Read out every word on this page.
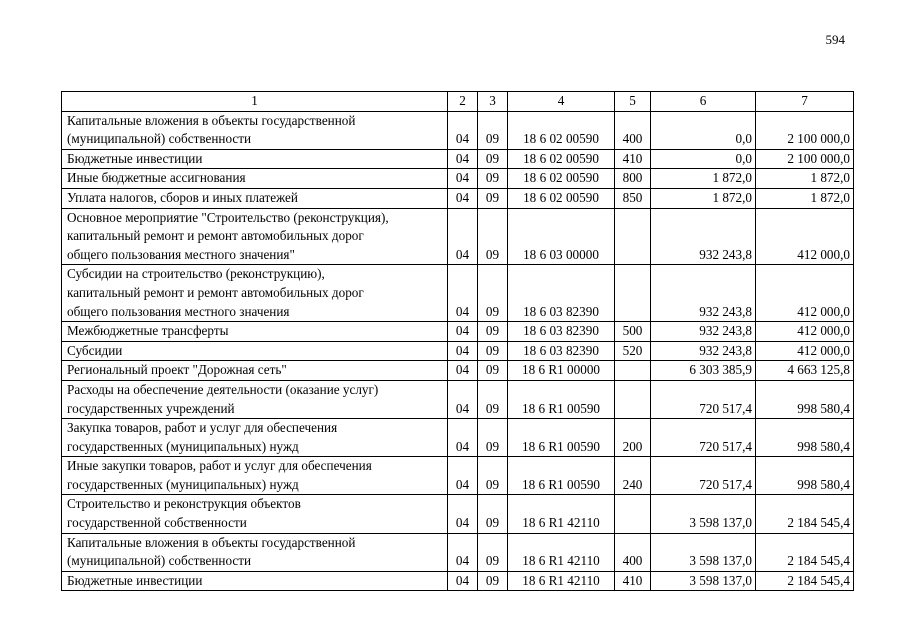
594
1	2	3	4	5	6	7

Капитальные вложения в объекты государственной
(муниципальной) собственности	04	09	18 6 02 00590	400	0,0	2 100 000,0

Бюджетные инвестиции	04	09	18 6 02 00590	410	0,0	2 100 000,0

Иные бюджетные ассигнования	04	09	18 6 02 00590	800	1 872,0	1 872,0

Уплата налогов, сборов и иных платежей	04	09	18 6 02 00590	850	1 872,0	1 872,0

Основное мероприятие "Строительство (реконструкция),
капитальный ремонт и ремонт автомобильных дорог
общего пользования местного значения"	04	09	18 6 03 00000		932 243,8	412 000,0

Субсидии на строительство (реконструкцию),
капитальный ремонт и ремонт автомобильных дорог
общего пользования местного значения	04	09	18 6 03 82390		932 243,8	412 000,0

Межбюджетные трансферты	04	09	18 6 03 82390	500	932 243,8	412 000,0

Субсидии	04	09	18 6 03 82390	520	932 243,8	412 000,0

Региональный проект "Дорожная сеть"	04	09	18 6 R1 00000		6 303 385,9	4 663 125,8

Расходы на обеспечение деятельности (оказание услуг)
государственных учреждений	04	09	18 6 R1 00590		720 517,4	998 580,4

Закупка товаров, работ и услуг для обеспечения
государственных (муниципальных) нужд	04	09	18 6 R1 00590	200	720 517,4	998 580,4

Иные закупки товаров, работ и услуг для обеспечения
государственных (муниципальных) нужд	04	09	18 6 R1 00590	240	720 517,4	998 580,4

Строительство и реконструкция объектов
государственной собственности	04	09	18 6 R1 42110		3 598 137,0	2 184 545,4

Капитальные вложения в объекты государственной
(муниципальной) собственности	04	09	18 6 R1 42110	400	3 598 137,0	2 184 545,4

Бюджетные инвестиции	04	09	18 6 R1 42110	410	3 598 137,0	2 184 545,4
